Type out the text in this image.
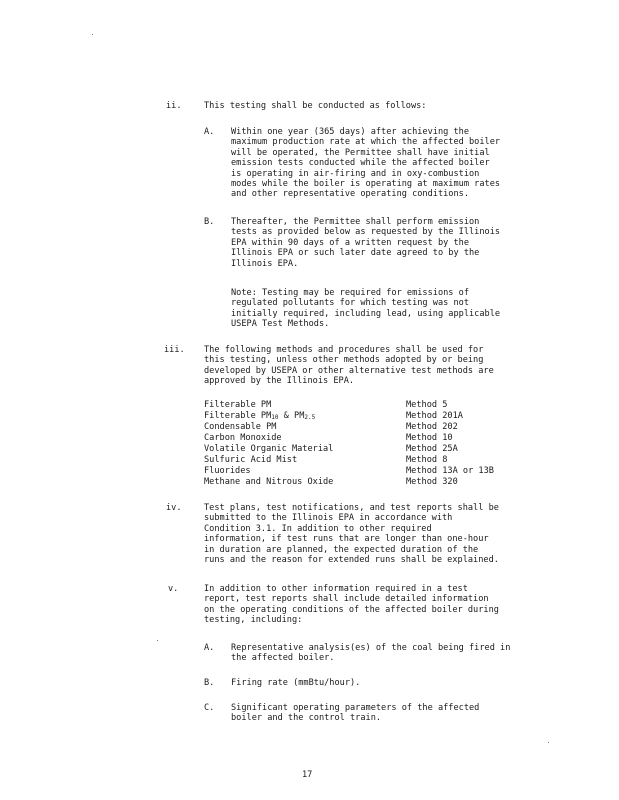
ii.	This testing shall be conducted as follows:
A. Within one year (365 days) after achieving the
maximum production rate at which the affected boiler
will be operated, the Permittee shall have initial
emission tests conducted while the affected boiler
is operating in air-firing and in oxy-combustion
modes while the boiler is operating at maximum rates
and other representative operating conditions.
B. Thereafter, the Permittee shall perform emission
tests as provided below as requested by the Illinois
EPA within 90 days of a written request by the
Illinois EPA or such later date agreed to by the
Illinois EPA.
Note: Testing may be required for emissions of
regulated pollutants for which testing was not
initially required, including lead, using applicable
USEPA Test Methods.
iii. The following methods and procedures shall be used for
this testing, unless other methods adopted by or being
developed by USEPA or other alternative test methods are
approved by the Illinois EPA.
Filterable PM	Method 5
Filterable $PM_{10}$ & $PM_{2.5}$	Method 201A
Condensable PM	Method 202
Carbon Monoxide	Method 10
Volatile Organic Material	Method 25A
Sulfuric Acid Mist	Method 8
Fluorides	Method 13A or 13B
Methane and Nitrous Oxide	Method 320
iv.	Test plans, test notifications, and test reports shall be
submitted to the Illinois EPA in accordance with
Condition 3.1. In addition to other required
information, if test runs that are longer than one-hour
in duration are planned, the expected duration of the
runs and the reason for extended runs shall be explained.
v.	In addition to other information required in a test
report, test reports shall include detailed information
on the operating conditions of the affected boiler during
testing, including:
A. Representative analysis(es) of the coal being fired in
the affected boiler.
B. Firing rate (mmBtu/hour).
C. Significant operating parameters of the affected
boiler and the control train.
17
